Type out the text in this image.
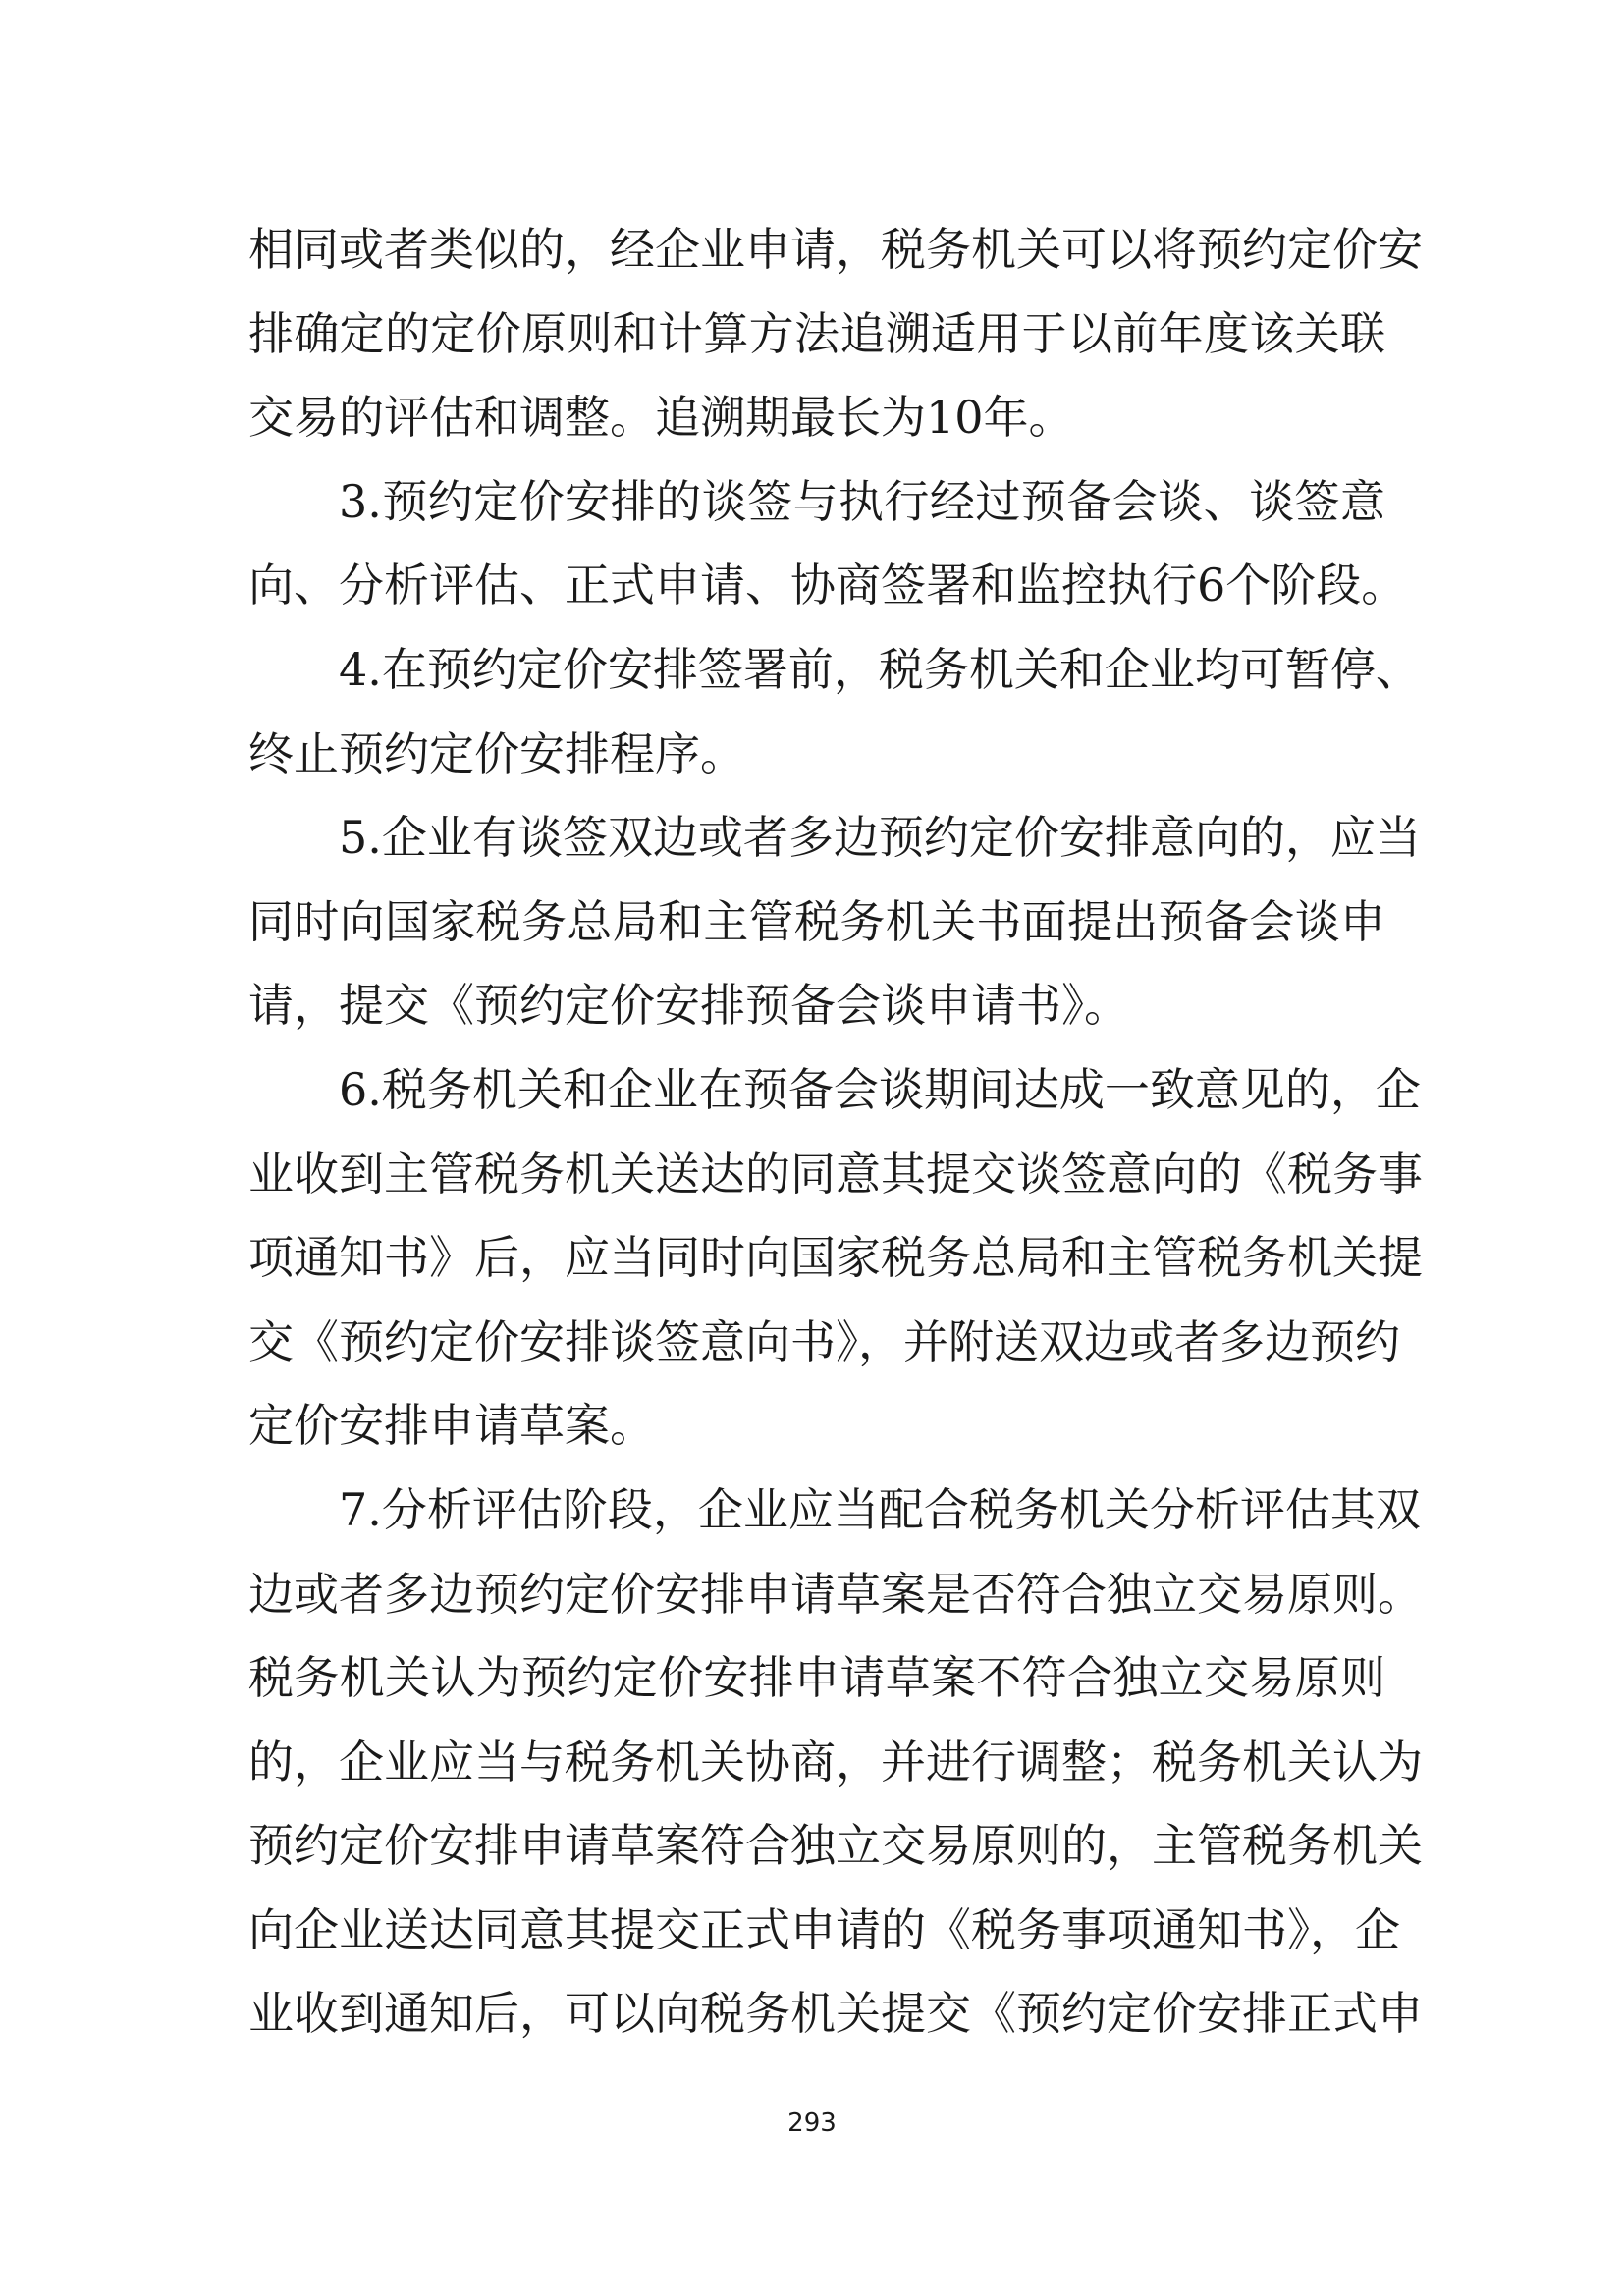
相同或者类似的，经企业申请，税务机关可以将预约定价安
排确定的定价原则和计算方法追溯适用于以前年度该关联
交易的评估和调整。追溯期最长为10年。
3.预约定价安排的谈签与执行经过预备会谈、谈签意
向、分析评估、正式申请、协商签署和监控执行6个阶段。
4.在预约定价安排签署前，税务机关和企业均可暂停、
终止预约定价安排程序。
5.企业有谈签双边或者多边预约定价安排意向的，应当
同时向国家税务总局和主管税务机关书面提出预备会谈申
请，提交《预约定价安排预备会谈申请书》。
6.税务机关和企业在预备会谈期间达成一致意见的，企
业收到主管税务机关送达的同意其提交谈签意向的《税务事
项通知书》后，应当同时向国家税务总局和主管税务机关提
交《预约定价安排谈签意向书》，并附送双边或者多边预约
定价安排申请草案。
7.分析评估阶段，企业应当配合税务机关分析评估其双
边或者多边预约定价安排申请草案是否符合独立交易原则。
税务机关认为预约定价安排申请草案不符合独立交易原则
的，企业应当与税务机关协商，并进行调整；税务机关认为
预约定价安排申请草案符合独立交易原则的，主管税务机关
向企业送达同意其提交正式申请的《税务事项通知书》，企
业收到通知后，可以向税务机关提交《预约定价安排正式申
293
